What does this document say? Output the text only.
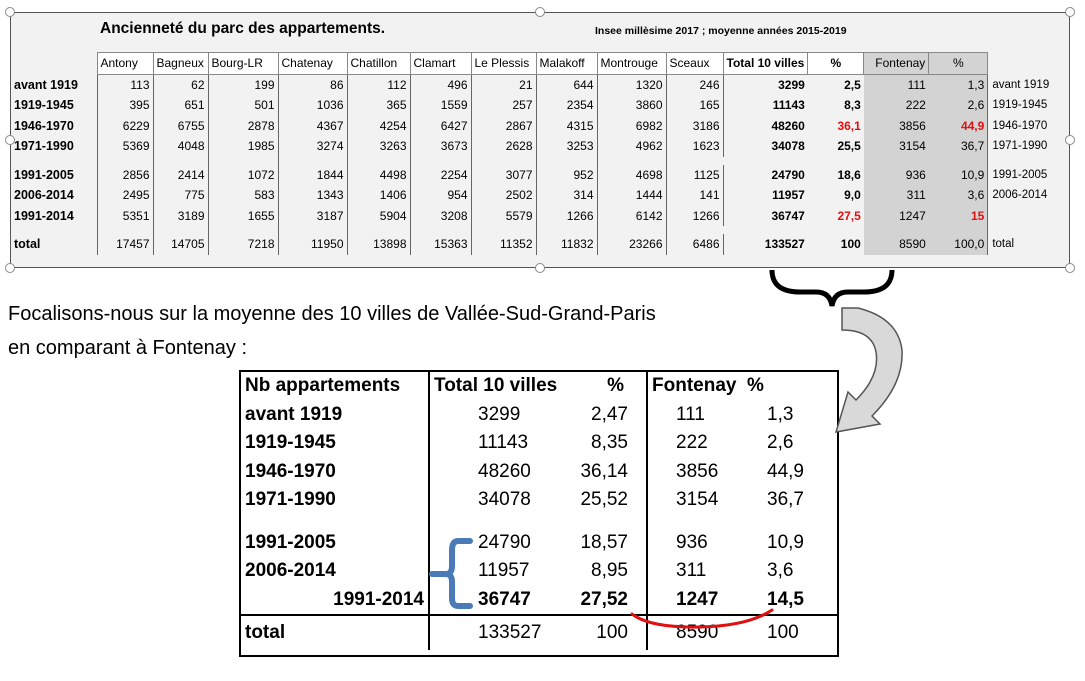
Ancienneté du parc des appartements.	Insee millèsime 2017 ; moyenne années 2015-2019
	Antony	Bagneux	Bourg-LR	Chatenay	Chatillon	Clamart	Le Plessis	Malakoff	Montrouge	Sceaux	Total 10 villes	%	Fontenay	%	
avant 1919	113	62	199	86	112	496	21	644	1320	246	3299	2,5	111	1,3	avant 1919
1919-1945	395	651	501	1036	365	1559	257	2354	3860	165	11143	8,3	222	2,6	1919-1945
1946-1970	6229	6755	2878	4367	4254	6427	2867	4315	6982	3186	48260	36,1	3856	44,9	1946-1970
1971-1990	5369	4048	1985	3274	3263	3673	2628	3253	4962	1623	34078	25,5	3154	36,7	1971-1990

1991-2005	2856	2414	1072	1844	4498	2254	3077	952	4698	1125	24790	18,6	936	10,9	1991-2005
2006-2014	2495	775	583	1343	1406	954	2502	314	1444	141	11957	9,0	311	3,6	2006-2014
1991-2014	5351	3189	1655	3187	5904	3208	5579	1266	6142	1266	36747	27,5	1247	15	

total	17457	14705	7218	11950	13898	15363	11352	11832	23266	6486	133527	100	8590	100,0	total
Focalisons-nous sur la moyenne des 10 villes de Vallée-Sud-Grand-Paris
en comparant à Fontenay :
Nb appartements	Total 10 villes	%	Fontenay	%
avant 1919	3299	2,47	111	1,3
1919-1945	11143	8,35	222	2,6
1946-1970	48260	36,14	3856	44,9
1971-1990	34078	25,52	3154	36,7

1991-2005	24790	18,57	936	10,9
2006-2014	11957	8,95	311	3,6
1991-2014	36747	27,52	1247	14,5
total	133527	100	8590	100
